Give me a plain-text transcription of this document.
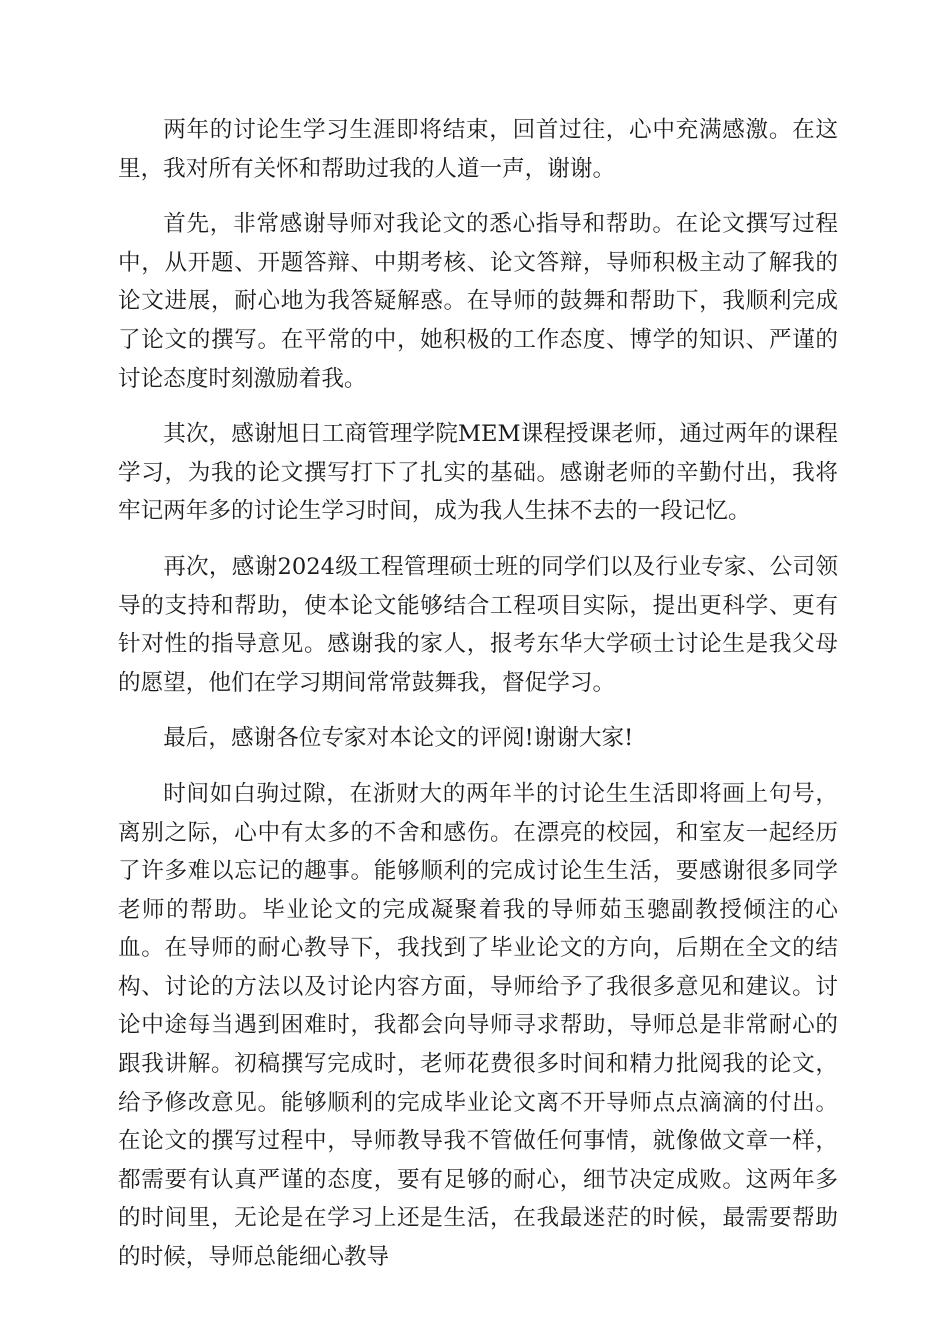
两年的讨论生学习生涯即将结束，回首过往，心中充满感激。在这里，我对所有关怀和帮助过我的人道一声，谢谢。

首先，非常感谢导师对我论文的悉心指导和帮助。在论文撰写过程中，从开题、开题答辩、中期考核、论文答辩，导师积极主动了解我的论文进展，耐心地为我答疑解惑。在导师的鼓舞和帮助下，我顺利完成了论文的撰写。在平常的中，她积极的工作态度、博学的知识、严谨的讨论态度时刻激励着我。

其次，感谢旭日工商管理学院MEM课程授课老师，通过两年的课程学习，为我的论文撰写打下了扎实的基础。感谢老师的辛勤付出，我将牢记两年多的讨论生学习时间，成为我人生抹不去的一段记忆。

再次，感谢2024级工程管理硕士班的同学们以及行业专家、公司领导的支持和帮助，使本论文能够结合工程项目实际，提出更科学、更有针对性的指导意见。感谢我的家人，报考东华大学硕士讨论生是我父母的愿望，他们在学习期间常常鼓舞我，督促学习。

最后，感谢各位专家对本论文的评阅!谢谢大家!

时间如白驹过隙，在浙财大的两年半的讨论生生活即将画上句号，离别之际，心中有太多的不舍和感伤。在漂亮的校园，和室友一起经历了许多难以忘记的趣事。能够顺利的完成讨论生生活，要感谢很多同学老师的帮助。毕业论文的完成凝聚着我的导师茹玉骢副教授倾注的心血。在导师的耐心教导下，我找到了毕业论文的方向，后期在全文的结构、讨论的方法以及讨论内容方面，导师给予了我很多意见和建议。讨论中途每当遇到困难时，我都会向导师寻求帮助，导师总是非常耐心的跟我讲解。初稿撰写完成时，老师花费很多时间和精力批阅我的论文，给予修改意见。能够顺利的完成毕业论文离不开导师点点滴滴的付出。在论文的撰写过程中，导师教导我不管做任何事情，就像做文章一样，都需要有认真严谨的态度，要有足够的耐心，细节决定成败。这两年多的时间里，无论是在学习上还是生活，在我最迷茫的时候，最需要帮助的时候，导师总能细心教导
